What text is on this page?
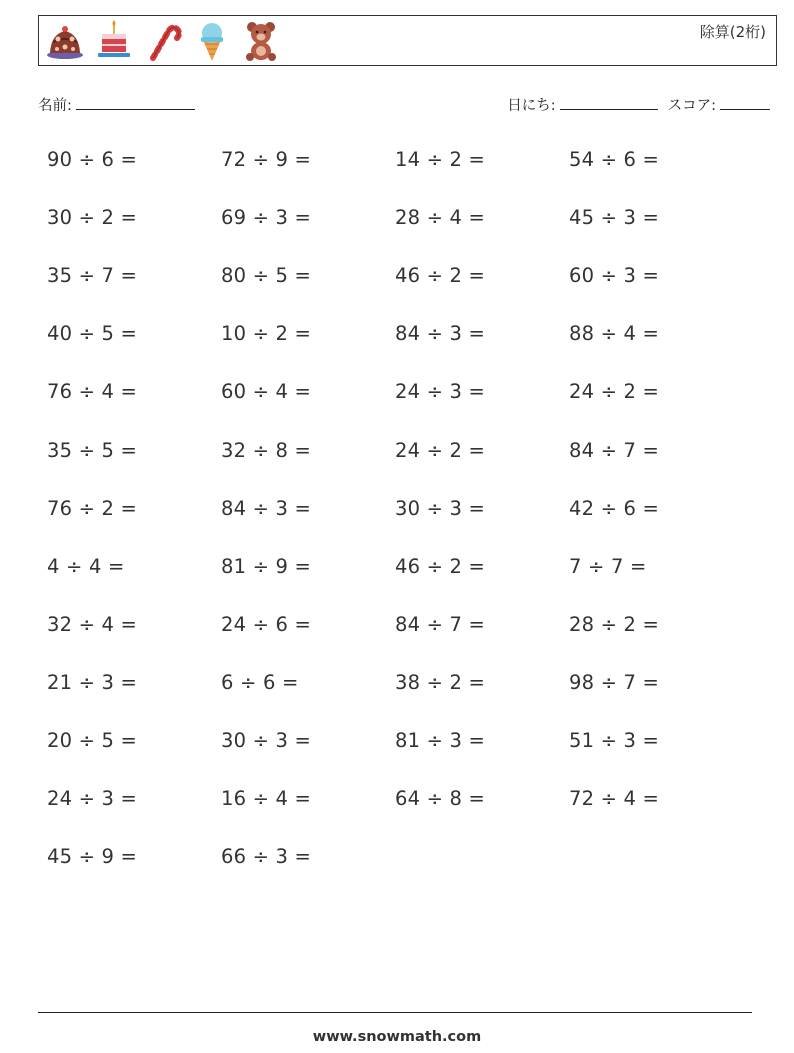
除算(2桁)
名前:	日にち:	スコア:
90 ÷ 6 =	72 ÷ 9 =	14 ÷ 2 =	54 ÷ 6 =
30 ÷ 2 =	69 ÷ 3 =	28 ÷ 4 =	45 ÷ 3 =
35 ÷ 7 =	80 ÷ 5 =	46 ÷ 2 =	60 ÷ 3 =
40 ÷ 5 =	10 ÷ 2 =	84 ÷ 3 =	88 ÷ 4 =
76 ÷ 4 =	60 ÷ 4 =	24 ÷ 3 =	24 ÷ 2 =
35 ÷ 5 =	32 ÷ 8 =	24 ÷ 2 =	84 ÷ 7 =
76 ÷ 2 =	84 ÷ 3 =	30 ÷ 3 =	42 ÷ 6 =
4 ÷ 4 =	81 ÷ 9 =	46 ÷ 2 =	7 ÷ 7 =
32 ÷ 4 =	24 ÷ 6 =	84 ÷ 7 =	28 ÷ 2 =
21 ÷ 3 =	6 ÷ 6 =	38 ÷ 2 =	98 ÷ 7 =
20 ÷ 5 =	30 ÷ 3 =	81 ÷ 3 =	51 ÷ 3 =
24 ÷ 3 =	16 ÷ 4 =	64 ÷ 8 =	72 ÷ 4 =
45 ÷ 9 =	66 ÷ 3 =
www.snowmath.com
